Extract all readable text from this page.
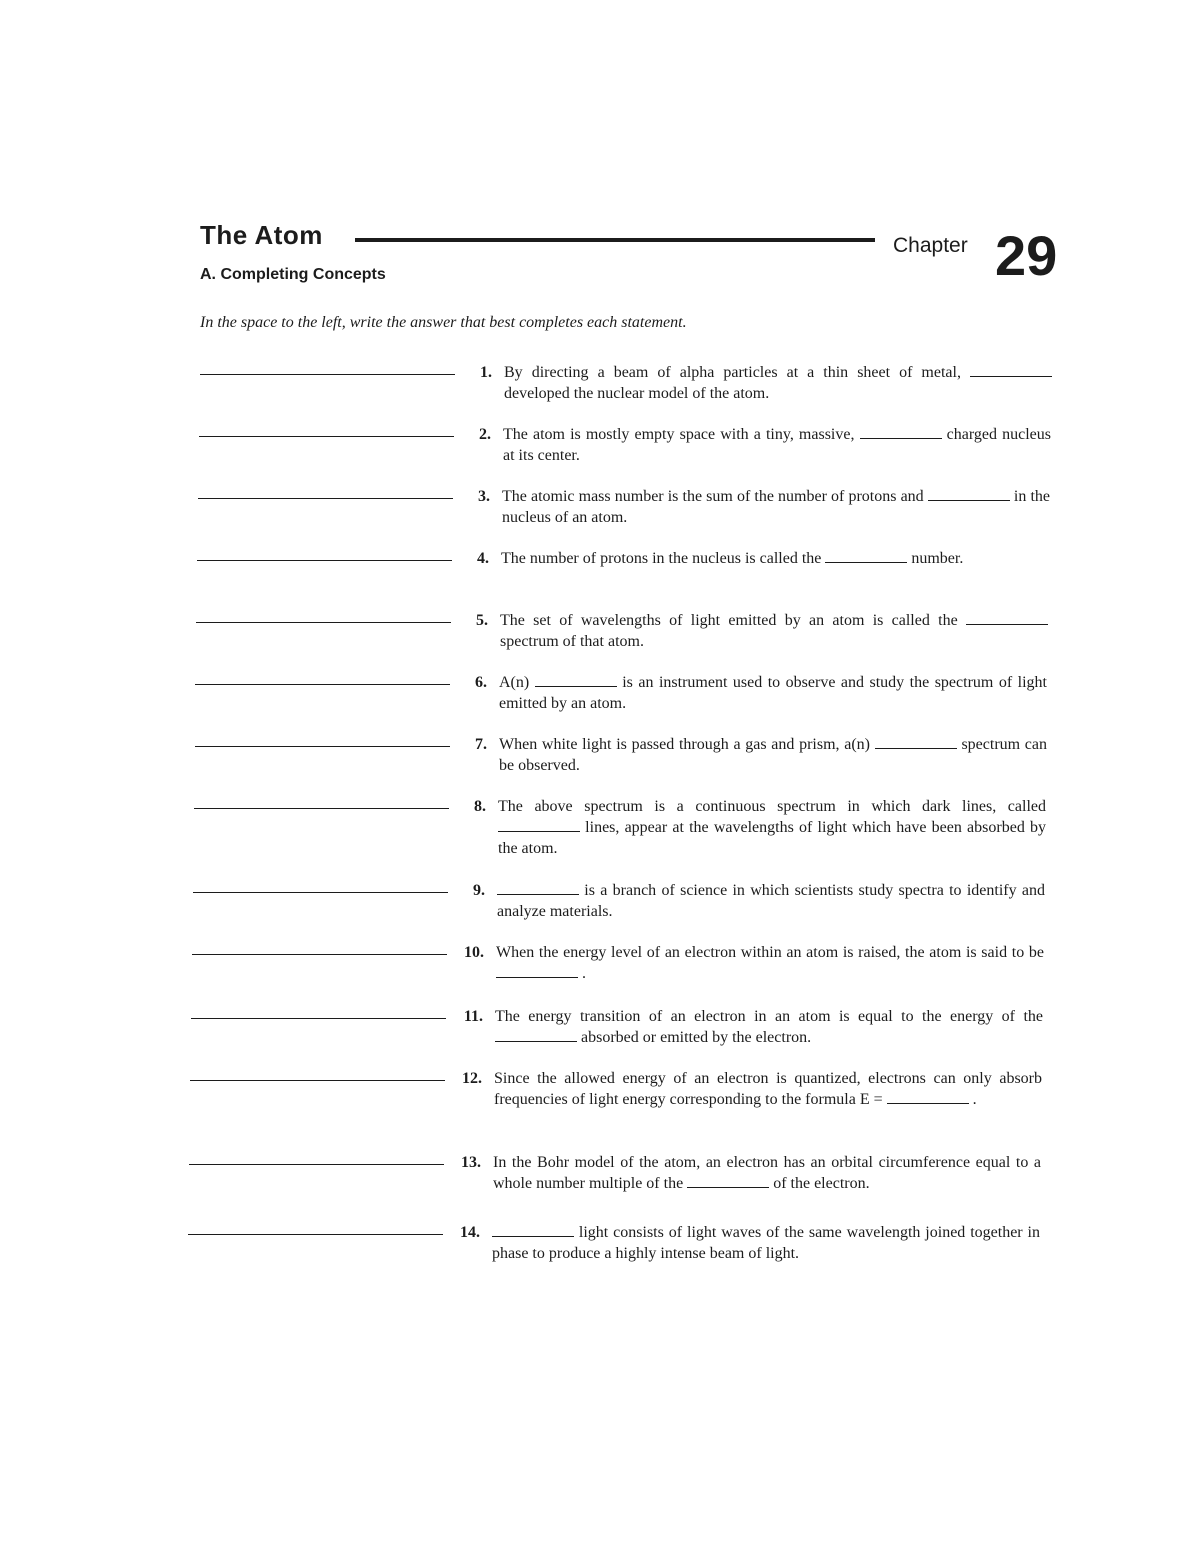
The Atom	Chapter 29
A. Completing Concepts
In the space to the left, write the answer that best completes each statement.
1. By directing a beam of alpha particles at a thin sheet of metal,  developed the nuclear model of the atom.
2. The atom is mostly empty space with a tiny, massive,	charged nucleus at its center.
3. The atomic mass number is the sum of the number of protons and	in the nucleus of an atom.
4. The number of protons in the nucleus is called the	number.
5. The set of wavelengths of light emitted by an atom is called the  spectrum of that atom.
6. A(n)	is an instrument used to observe and study the spectrum of light emitted by an atom.
7. When white light is passed through a gas and prism, a(n)	spectrum can be observed.
8. The above spectrum is a continuous spectrum in which dark lines, called  lines, appear at the wavelengths of light which have been absorbed by the atom.
9.	is a branch of science in which scientists study spectra to identify and analyze materials.
10. When the energy level of an electron within an atom is raised, the atom is said to be  .
11. The energy transition of an electron in an atom is equal to the energy of the  absorbed or emitted by the electron.
12. Since the allowed energy of an electron is quantized, electrons can only absorb frequencies of light energy corresponding to the formula E =	.
13. In the Bohr model of the atom, an electron has an orbital circumference equal to a whole number multiple of the	of the electron.
14.	light consists of light waves of the same wavelength joined together in phase to produce a highly intense beam of light.
